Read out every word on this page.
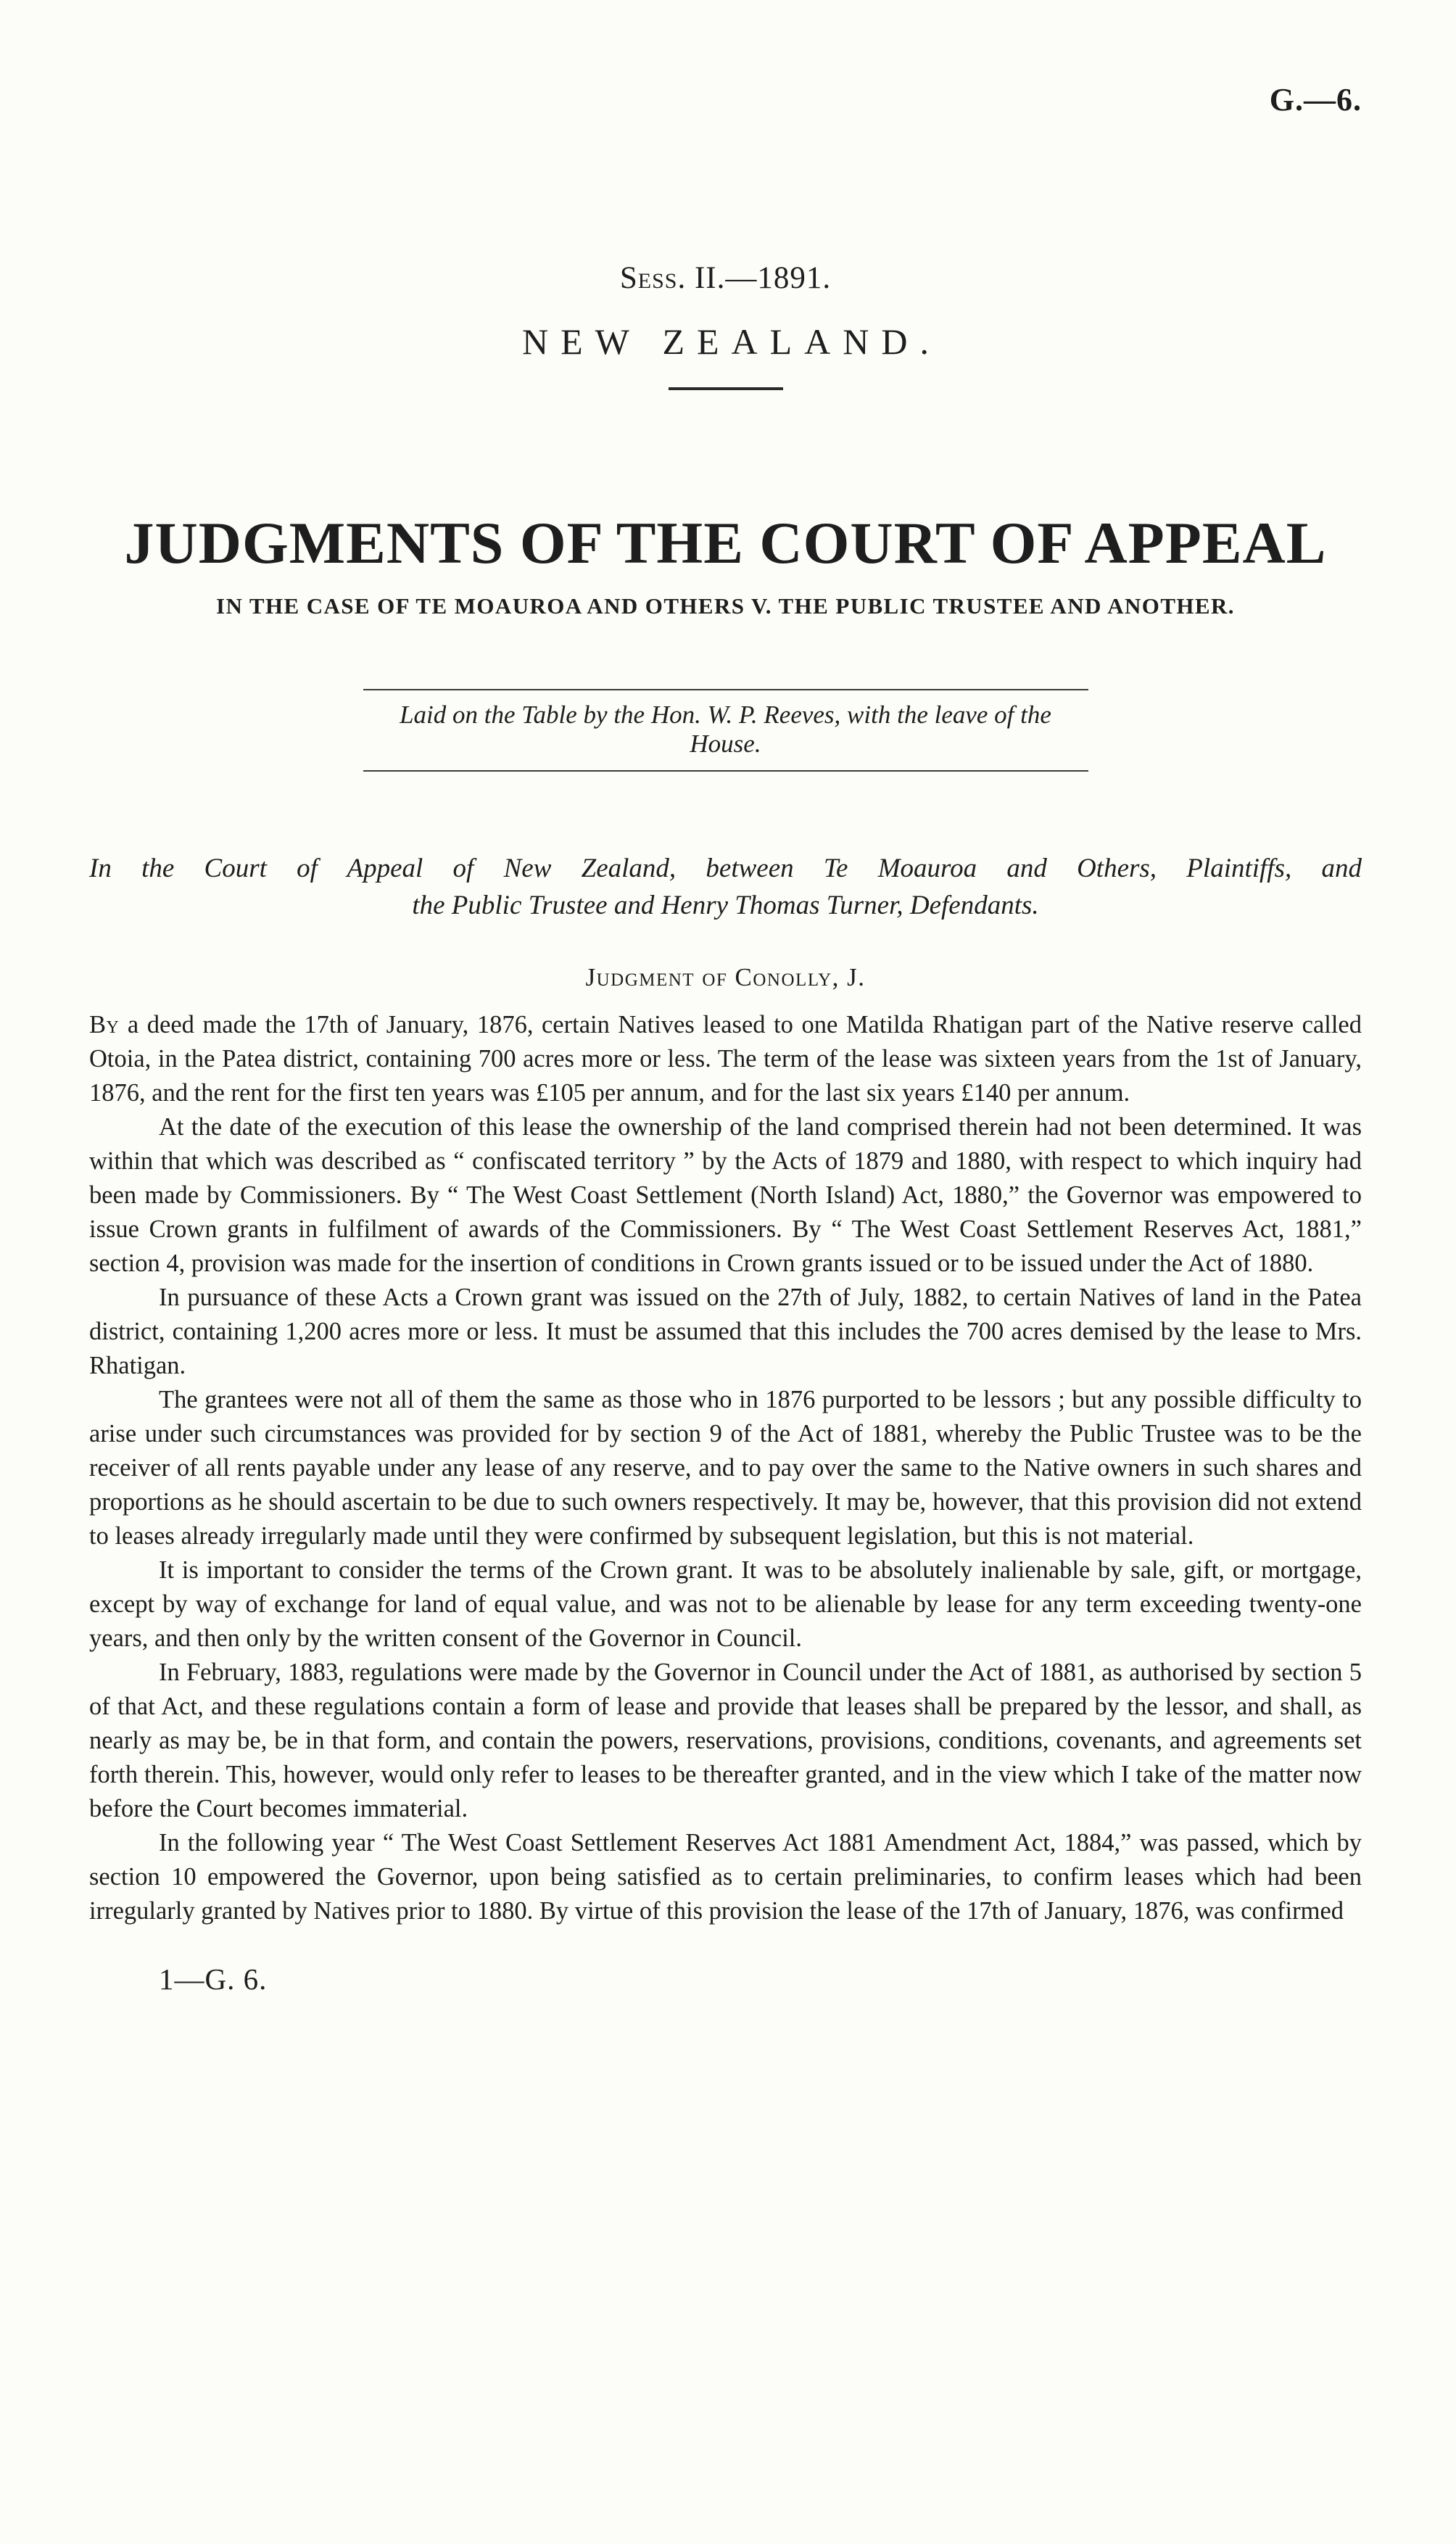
G.—6.
Sess. II.—1891.
NEW ZEALAND.
JUDGMENTS OF THE COURT OF APPEAL
IN THE CASE OF TE MOAUROA AND OTHERS V. THE PUBLIC TRUSTEE AND ANOTHER.
Laid on the Table by the Hon. W. P. Reeves, with the leave of the House.
In the Court of Appeal of New Zealand, between Te Moauroa and Others, Plaintiffs, and
the Public Trustee and Henry Thomas Turner, Defendants.
Judgment of Conolly, J.

By a deed made the 17th of January, 1876, certain Natives leased to one Matilda Rhatigan part of the Native reserve called Otoia, in the Patea district, containing 700 acres more or less. The term of the lease was sixteen years from the 1st of January, 1876, and the rent for the first ten years was £105 per annum, and for the last six years £140 per annum.

At the date of the execution of this lease the ownership of the land comprised therein had not been determined. It was within that which was described as “ confiscated territory ” by the Acts of 1879 and 1880, with respect to which inquiry had been made by Commissioners. By “ The West Coast Settlement (North Island) Act, 1880,” the Governor was empowered to issue Crown grants in fulfilment of awards of the Commissioners. By “ The West Coast Settlement Reserves Act, 1881,” section 4, provision was made for the insertion of conditions in Crown grants issued or to be issued under the Act of 1880.

In pursuance of these Acts a Crown grant was issued on the 27th of July, 1882, to certain Natives of land in the Patea district, containing 1,200 acres more or less. It must be assumed that this includes the 700 acres demised by the lease to Mrs. Rhatigan.

The grantees were not all of them the same as those who in 1876 purported to be lessors ; but any possible difficulty to arise under such circumstances was provided for by section 9 of the Act of 1881, whereby the Public Trustee was to be the receiver of all rents payable under any lease of any reserve, and to pay over the same to the Native owners in such shares and proportions as he should ascertain to be due to such owners respectively. It may be, however, that this provision did not extend to leases already irregularly made until they were confirmed by subsequent legislation, but this is not material.

It is important to consider the terms of the Crown grant. It was to be absolutely inalienable by sale, gift, or mortgage, except by way of exchange for land of equal value, and was not to be alienable by lease for any term exceeding twenty-one years, and then only by the written consent of the Governor in Council.

In February, 1883, regulations were made by the Governor in Council under the Act of 1881, as authorised by section 5 of that Act, and these regulations contain a form of lease and provide that leases shall be prepared by the lessor, and shall, as nearly as may be, be in that form, and contain the powers, reservations, provisions, conditions, covenants, and agreements set forth therein. This, however, would only refer to leases to be thereafter granted, and in the view which I take of the matter now before the Court becomes immaterial.

In the following year “ The West Coast Settlement Reserves Act 1881 Amendment Act, 1884,” was passed, which by section 10 empowered the Governor, upon being satisfied as to certain preliminaries, to confirm leases which had been irregularly granted by Natives prior to 1880. By virtue of this provision the lease of the 17th of January, 1876, was confirmed

1—G. 6.
